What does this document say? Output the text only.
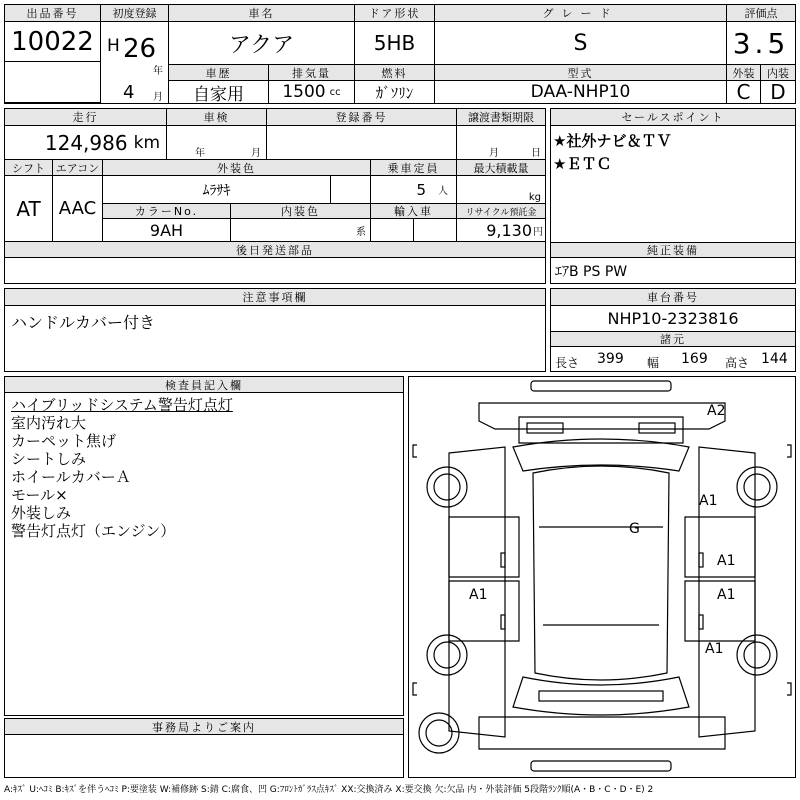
出品番号
10022
初度登録
H 26
年
4 月
車名
アクア
ドア形状
5HB
グレード
S
評価点
3.5
車歴	排気量	燃料	型式	外装	内装
自家用	1500 cc	ｶﾞｿﾘﾝ	DAA-NHP10	C D
走行
124,986 km
車検
年	月
登録番号	譲渡書類期限
月	日
シフト
AT
エアコン
AAC
外装色
ﾑﾗｻｷ
乗車定員
5 人
最大積載量
kg
カラーNo.
9AH
内装色
系
輸入車	リサイクル預託金
9,130 円
後日発送部品
セールスポイント
★社外ナビ＆ＴＶ
★ＥＴＣ
純正装備
ｴｱB PS PW
注意事項欄
ハンドルカバー付き
車台番号
NHP10-2323816
諸元
長さ 399 幅 169 高さ 144
検査員記入欄
ハイブリッドシステム警告灯点灯
室内汚れ大
カーペット焦げ
シートしみ
ホイールカバーＡ
モール×
外装しみ
警告灯点灯（エンジン）
事務局よりご案内
A2
A1
G
A1
A1	A1
A1
A:ｷｽﾞ U:ﾍｺﾐ B:ｷｽﾞを伴うﾍｺﾐ P:要塗装 W:補修跡 S:錆 C:腐食、凹 G:ﾌﾛﾝﾄｶﾞﾗｽ点ｷｽﾞ XX:交換済み X:要交換 欠:欠品 内・外装評価 5段階ﾗﾝｸ順(A・B・C・D・E) 2
